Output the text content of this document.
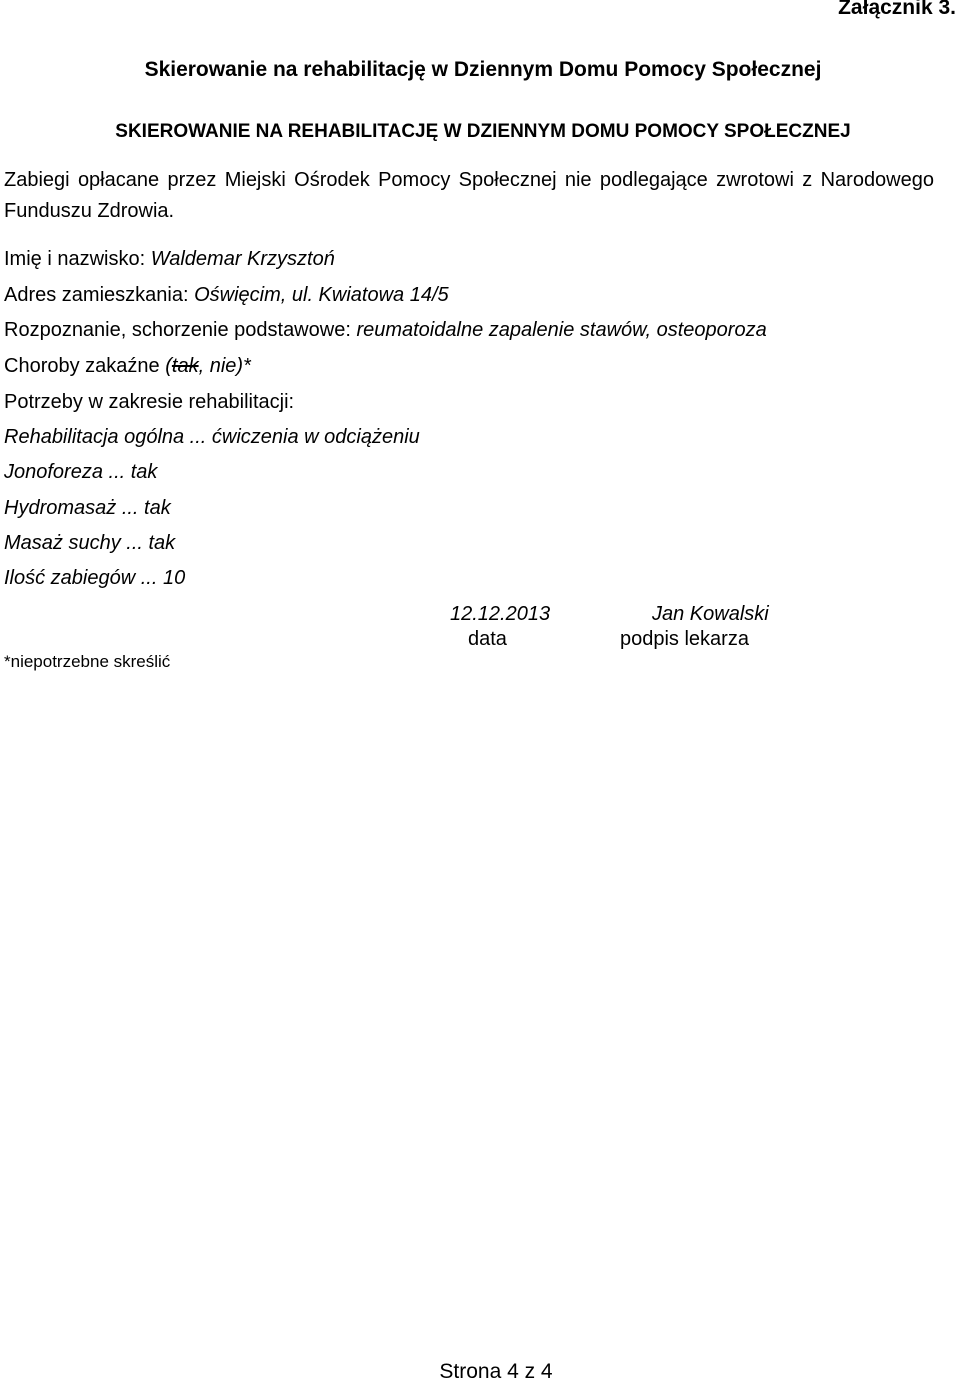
Załącznik 3.
Skierowanie na rehabilitację w Dziennym Domu Pomocy Społecznej
SKIEROWANIE NA REHABILITACJĘ W DZIENNYM DOMU POMOCY SPOŁECZNEJ
Zabiegi opłacane przez Miejski Ośrodek Pomocy Społecznej nie podlegające zwrotowi z Narodowego Funduszu Zdrowia.
Imię i nazwisko: Waldemar Krzysztoń
Adres zamieszkania: Oświęcim, ul. Kwiatowa 14/5
Rozpoznanie, schorzenie podstawowe: reumatoidalne zapalenie stawów, osteoporoza
Choroby zakaźne (tak, nie)*
Potrzeby w zakresie rehabilitacji:
Rehabilitacja ogólna ... ćwiczenia w odciążeniu
Jonoforeza ... tak
Hydromasaż ... tak
Masaż suchy ... tak
Ilość zabiegów ... 10
12.12.2013	Jan Kowalski
data	podpis lekarza
*niepotrzebne skreślić
Strona 4 z 4
